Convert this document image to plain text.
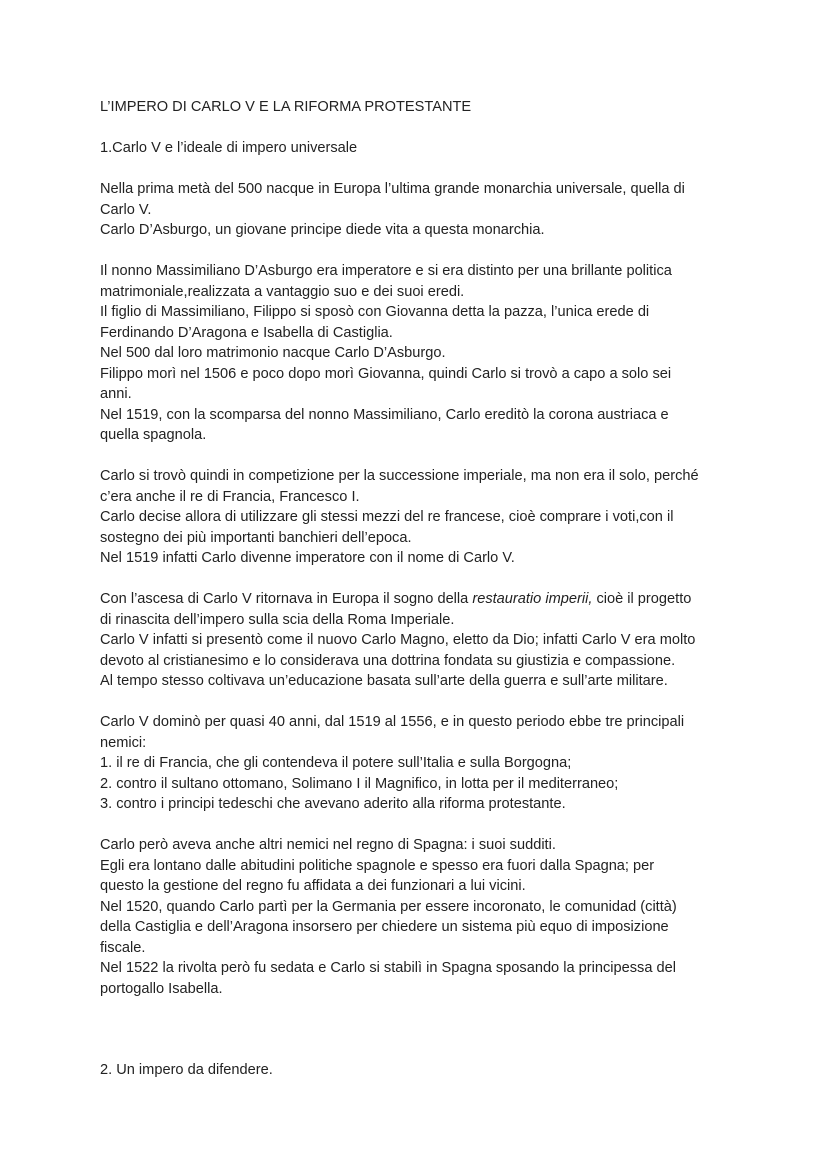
L’IMPERO DI CARLO V E LA RIFORMA PROTESTANTE

1.Carlo V e l’ideale di impero universale

Nella prima metà del 500 nacque in Europa l’ultima grande monarchia universale, quella di

Carlo V.

Carlo D’Asburgo, un giovane principe diede vita a questa monarchia.

Il nonno Massimiliano D’Asburgo era imperatore e si era distinto per una brillante politica

matrimoniale,realizzata a vantaggio suo e dei suoi eredi.

Il figlio di Massimiliano, Filippo si sposò con Giovanna detta la pazza, l’unica erede di

Ferdinando D’Aragona e Isabella di Castiglia.

Nel 500 dal loro matrimonio nacque Carlo D’Asburgo.

Filippo morì nel 1506 e poco dopo morì Giovanna, quindi Carlo si trovò a capo a solo sei

anni.

Nel 1519, con la scomparsa del nonno Massimiliano, Carlo ereditò la corona austriaca e

quella spagnola.

Carlo si trovò quindi in competizione per la successione imperiale, ma non era il solo, perché

c’era anche il re di Francia, Francesco I.

Carlo decise allora di utilizzare gli stessi mezzi del re francese, cioè comprare i voti,con il

sostegno dei più importanti banchieri dell’epoca.

Nel 1519 infatti Carlo divenne imperatore con il nome di Carlo V.

Con l’ascesa di Carlo V ritornava in Europa il sogno della restauratio imperii, cioè il progetto

di rinascita dell’impero sulla scia della Roma Imperiale.

Carlo V infatti si presentò come il nuovo Carlo Magno, eletto da Dio; infatti Carlo V era molto

devoto al cristianesimo e lo considerava una dottrina fondata su giustizia e compassione.

Al tempo stesso coltivava un’educazione basata sull’arte della guerra e sull’arte militare.

Carlo V dominò per quasi 40 anni, dal 1519 al 1556, e in questo periodo ebbe tre principali

nemici:

1. il re di Francia, che gli contendeva il potere sull’Italia e sulla Borgogna;

2. contro il sultano ottomano, Solimano I il Magnifico, in lotta per il mediterraneo;

3. contro i principi tedeschi che avevano aderito alla riforma protestante.

Carlo però aveva anche altri nemici nel regno di Spagna: i suoi sudditi.

Egli era lontano dalle abitudini politiche spagnole e spesso era fuori dalla Spagna; per

questo la gestione del regno fu affidata a dei funzionari a lui vicini.

Nel 1520, quando Carlo partì per la Germania per essere incoronato, le comunidad (città)

della Castiglia e dell’Aragona insorsero per chiedere un sistema più equo di imposizione

fiscale.

Nel 1522 la rivolta però fu sedata e Carlo si stabilì in Spagna sposando la principessa del

portogallo Isabella.

2. Un impero da difendere.
